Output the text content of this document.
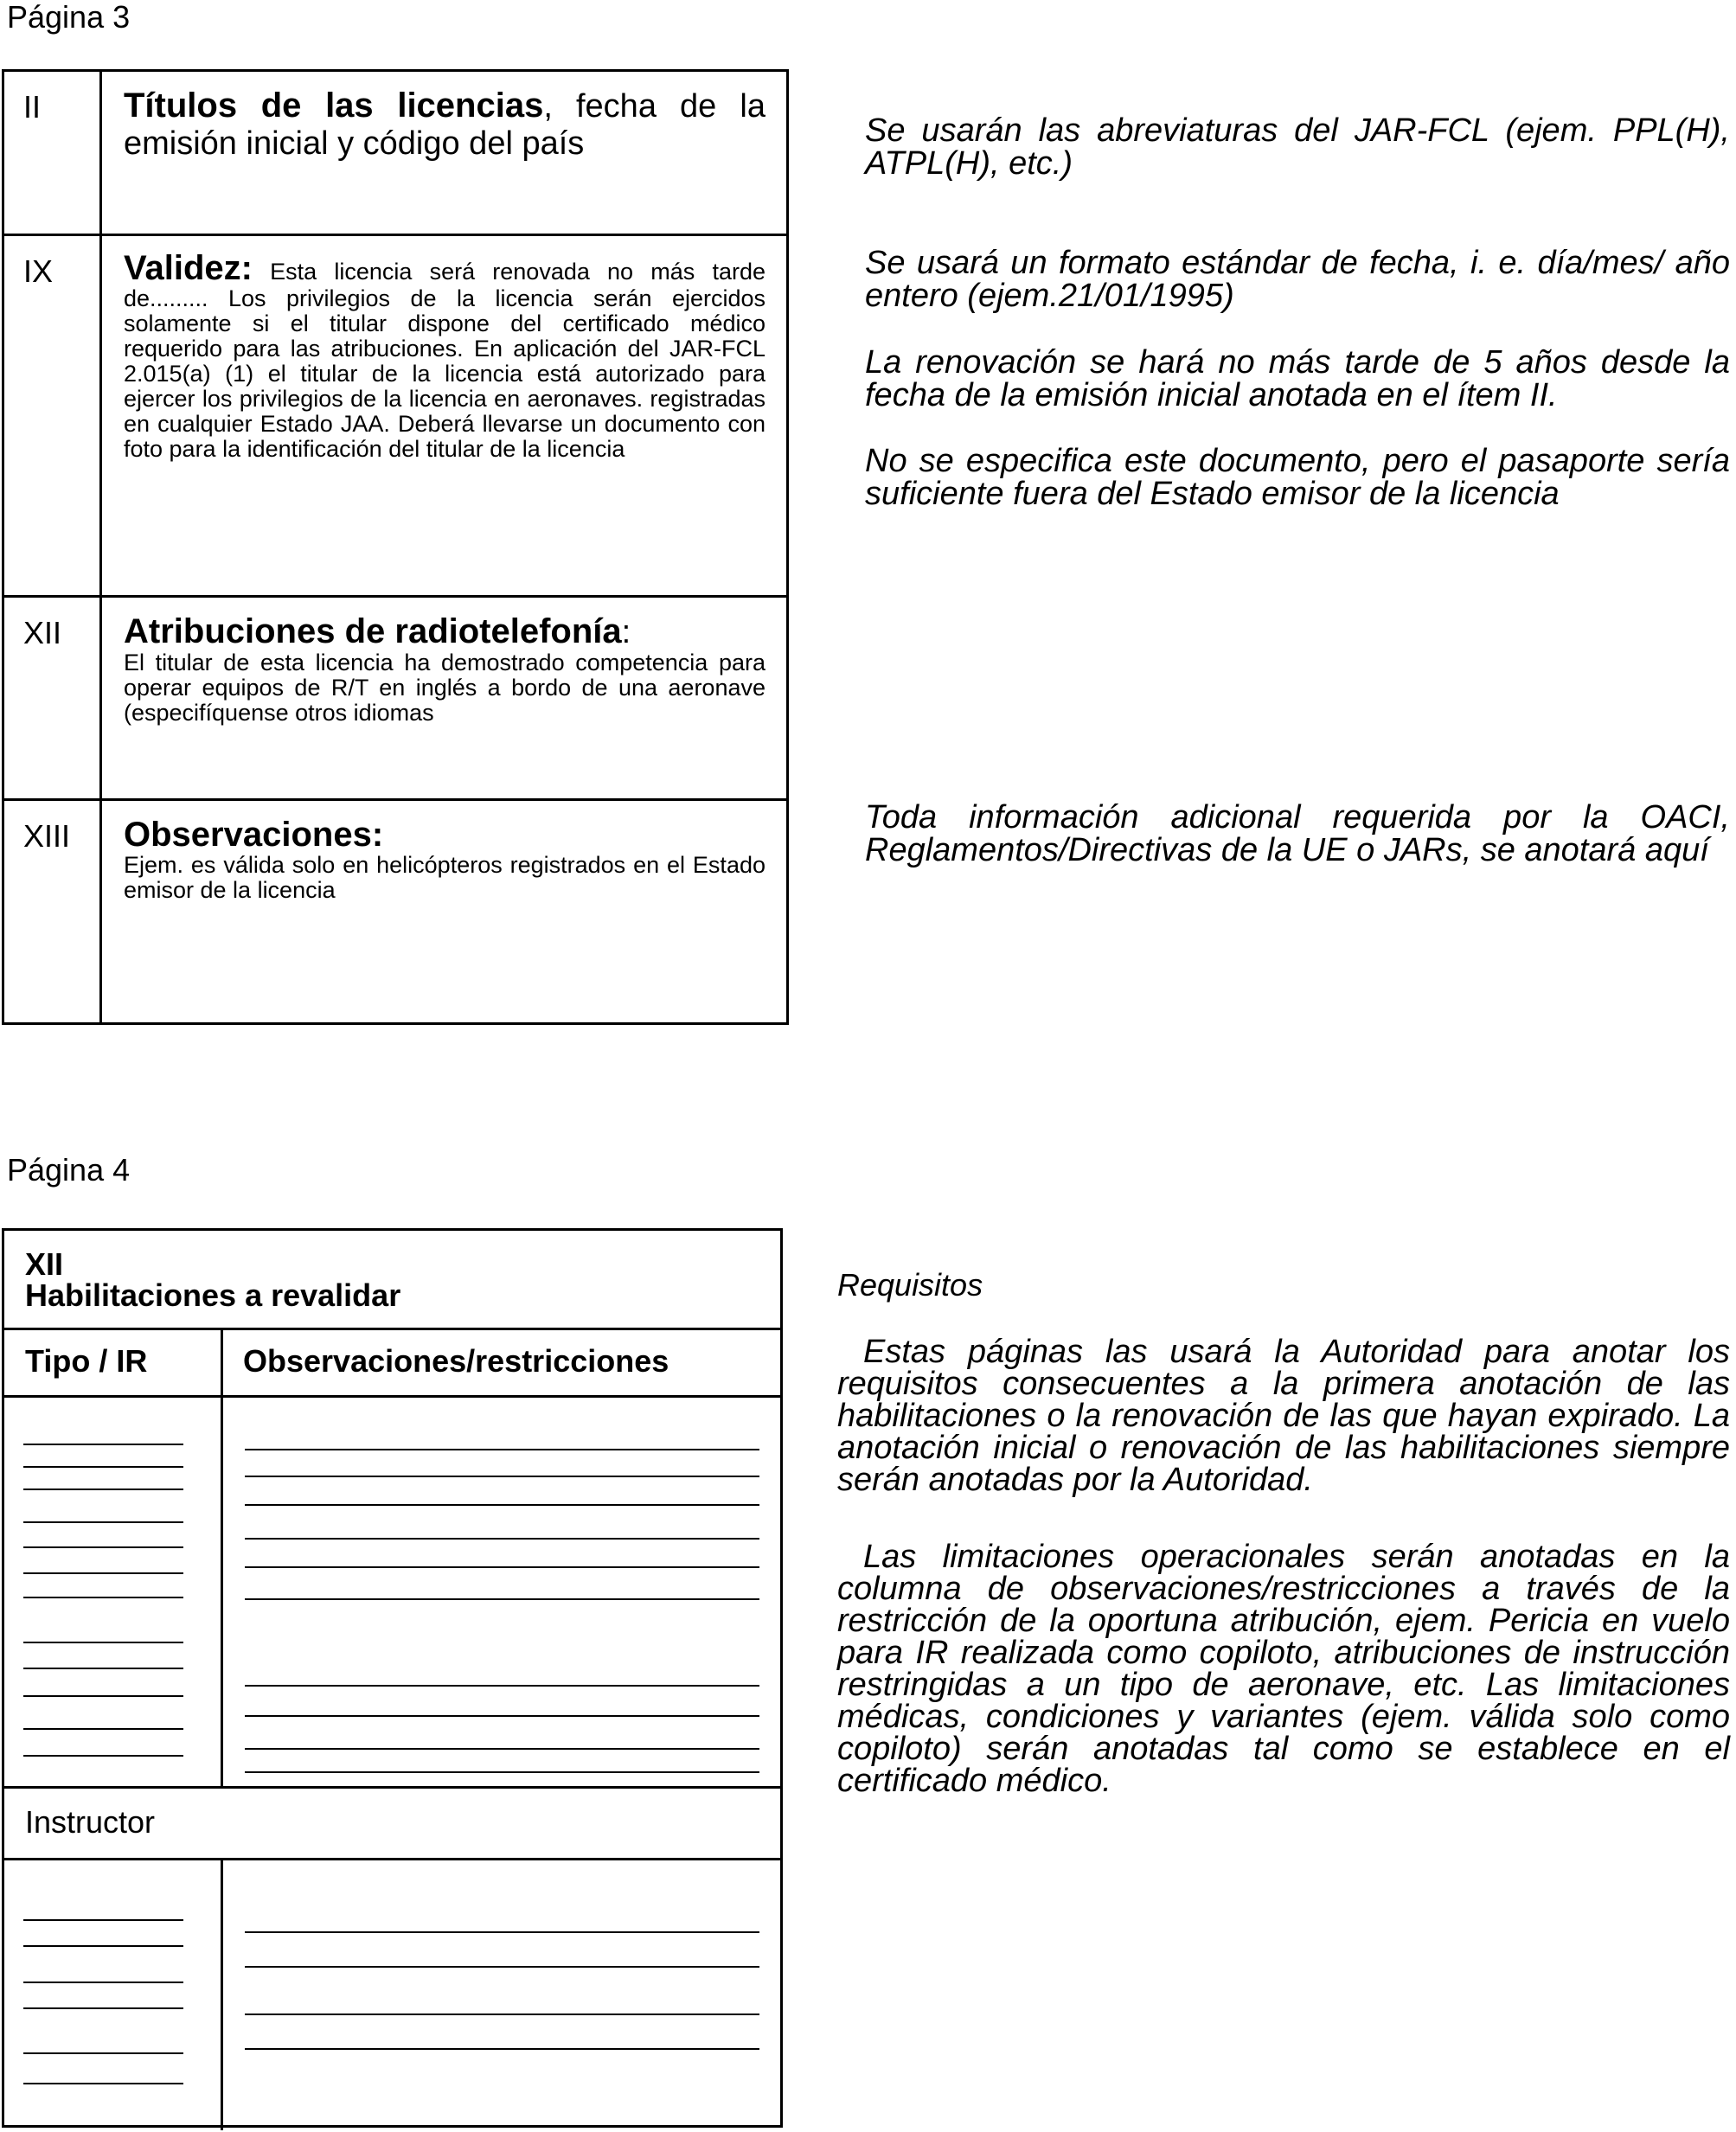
Página 3
II Títulos de las licencias, fecha de la emisión inicial y código del país
IX Validez: Esta licencia será renovada no más tarde de......... Los privilegios de la licencia serán ejercidos solamente si el titular dispone del certificado médico requerido para las atribuciones. En aplicación del JAR-FCL 2.015(a) (1) el titular de la licencia está autorizado para ejercer los privilegios de la licencia en aeronaves. registradas en cualquier Estado JAA. Deberá llevarse un documento con foto para la identificación del titular de la licencia
XII Atribuciones de radiotelefonía:
El titular de esta licencia ha demostrado competencia para operar equipos de R/T en inglés a bordo de una aeronave (especifíquense otros idiomas
XIII Observaciones:
Ejem. es válida solo en helicópteros registrados en el Estado emisor de la licencia
Se usarán las abreviaturas del JAR-FCL (ejem. PPL(H), ATPL(H), etc.)
Se usará un formato estándar de fecha, i. e. día/mes/ año entero (ejem.21/01/1995)
La renovación se hará no más tarde de 5 años desde la fecha de la emisión inicial anotada en el ítem II.
No se especifica este documento, pero el pasaporte sería suficiente fuera del Estado emisor de la licencia
Toda información adicional requerida por la OACI, Reglamentos/Directivas de la UE o JARs, se anotará aquí
Página 4
XII
Habilitaciones a revalidar
Tipo / IR	Observaciones/restricciones
Instructor
Requisitos
Estas páginas las usará la Autoridad para anotar los requisitos consecuentes a la primera anotación de las habilitaciones o la renovación de las que hayan expirado. La anotación inicial o renovación de las habilitaciones siempre serán anotadas por la Autoridad.
Las limitaciones operacionales serán anotadas en la columna de observaciones/restricciones a través de la restricción de la oportuna atribución, ejem. Pericia en vuelo para IR realizada como copiloto, atribuciones de instrucción restringidas a un tipo de aeronave, etc. Las limitaciones médicas, condiciones y variantes (ejem. válida solo como copiloto) serán anotadas tal como se establece en el certificado médico.
